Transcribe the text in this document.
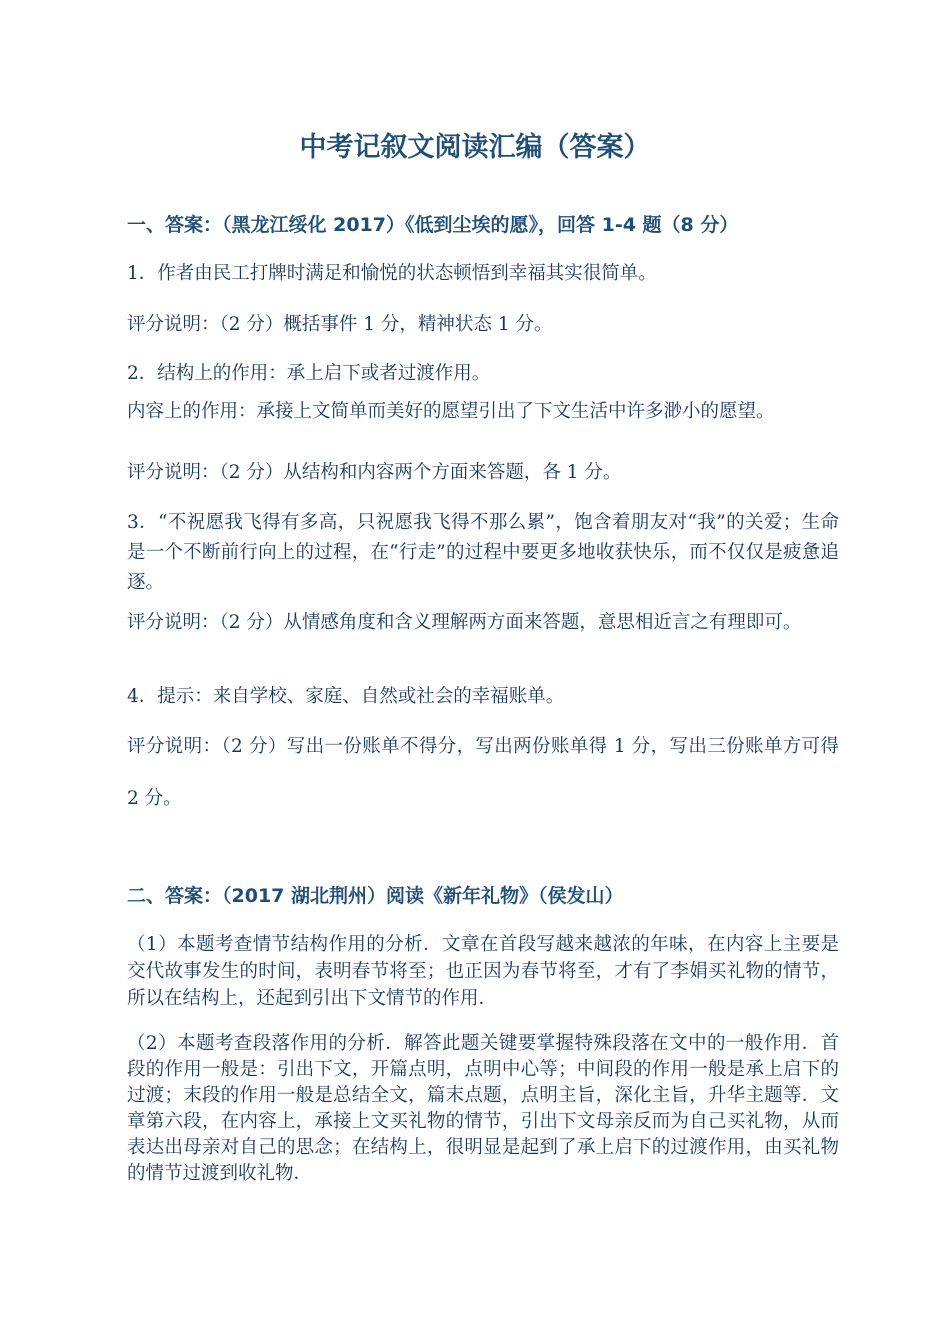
中考记叙文阅读汇编（答案）
一、答案：（黑龙江绥化 2017）《低到尘埃的愿》，回答 1-4 题（8 分）

1．作者由民工打牌时满足和愉悦的状态顿悟到幸福其实很简单。

评分说明：（2 分）概括事件 1 分，精神状态 1 分。

2．结构上的作用：承上启下或者过渡作用。

内容上的作用：承接上文简单而美好的愿望引出了下文生活中许多渺小的愿望。

评分说明：（2 分）从结构和内容两个方面来答题，各 1 分。

3．“不祝愿我飞得有多高，只祝愿我飞得不那么累”，饱含着朋友对“我”的关爱；生命是一个不断前行向上的过程，在“行走”的过程中要更多地收获快乐，而不仅仅是疲惫追逐。

评分说明：（2 分）从情感角度和含义理解两方面来答题，意思相近言之有理即可。

4．提示：来自学校、家庭、自然或社会的幸福账单。

评分说明：（2 分）写出一份账单不得分，写出两份账单得 1 分，写出三份账单方可得 2 分。

二、答案：（2017 湖北荆州）阅读《新年礼物》（侯发山）

（1）本题考查情节结构作用的分析．文章在首段写越来越浓的年味，在内容上主要是交代故事发生的时间，表明春节将至；也正因为春节将至，才有了李娟买礼物的情节，所以在结构上，还起到引出下文情节的作用．

（2）本题考查段落作用的分析．解答此题关键要掌握特殊段落在文中的一般作用．首段的作用一般是：引出下文，开篇点明，点明中心等；中间段的作用一般是承上启下的过渡；末段的作用一般是总结全文，篇末点题，点明主旨，深化主旨，升华主题等．文章第六段，在内容上，承接上文买礼物的情节，引出下文母亲反而为自己买礼物，从而表达出母亲对自己的思念；在结构上，很明显是起到了承上启下的过渡作用，由买礼物的情节过渡到收礼物．
